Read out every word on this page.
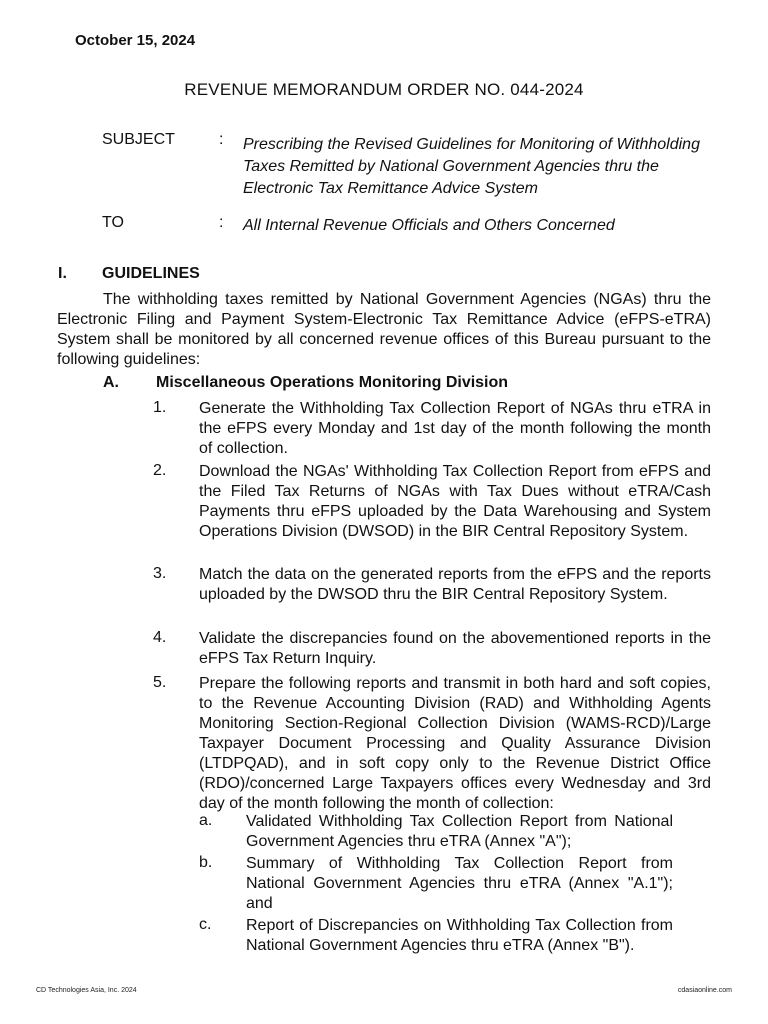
October 15, 2024
REVENUE MEMORANDUM ORDER NO. 044-2024
SUBJECT	: Prescribing the Revised Guidelines for Monitoring of Withholding
Taxes Remitted by National Government Agencies thru the
Electronic Tax Remittance Advice System
TO	: All Internal Revenue Officials and Others Concerned
I. GUIDELINES
The withholding taxes remitted by National Government Agencies (NGAs) thru the Electronic Filing and Payment System-Electronic Tax Remittance Advice (eFPS-eTRA) System shall be monitored by all concerned revenue offices of this Bureau pursuant to the following guidelines:
A. Miscellaneous Operations Monitoring Division
1. Generate the Withholding Tax Collection Report of NGAs thru eTRA in the eFPS every Monday and 1st day of the month following the month of collection.
2. Download the NGAs' Withholding Tax Collection Report from eFPS and the Filed Tax Returns of NGAs with Tax Dues without eTRA/Cash Payments thru eFPS uploaded by the Data Warehousing and System Operations Division (DWSOD) in the BIR Central Repository System.
3. Match the data on the generated reports from the eFPS and the reports uploaded by the DWSOD thru the BIR Central Repository System.
4. Validate the discrepancies found on the abovementioned reports in the eFPS Tax Return Inquiry.
5. Prepare the following reports and transmit in both hard and soft copies, to the Revenue Accounting Division (RAD) and Withholding Agents Monitoring Section-Regional Collection Division (WAMS-RCD)/Large Taxpayer Document Processing and Quality Assurance Division (LTDPQAD), and in soft copy only to the Revenue District Office (RDO)/concerned Large Taxpayers offices every Wednesday and 3rd day of the month following the month of collection:
a. Validated Withholding Tax Collection Report from National Government Agencies thru eTRA (Annex "A");
b. Summary of Withholding Tax Collection Report from National Government Agencies thru eTRA (Annex "A.1"); and
c. Report of Discrepancies on Withholding Tax Collection from National Government Agencies thru eTRA (Annex "B").
CD Technologies Asia, Inc. 2024	cdasiaonline.com
